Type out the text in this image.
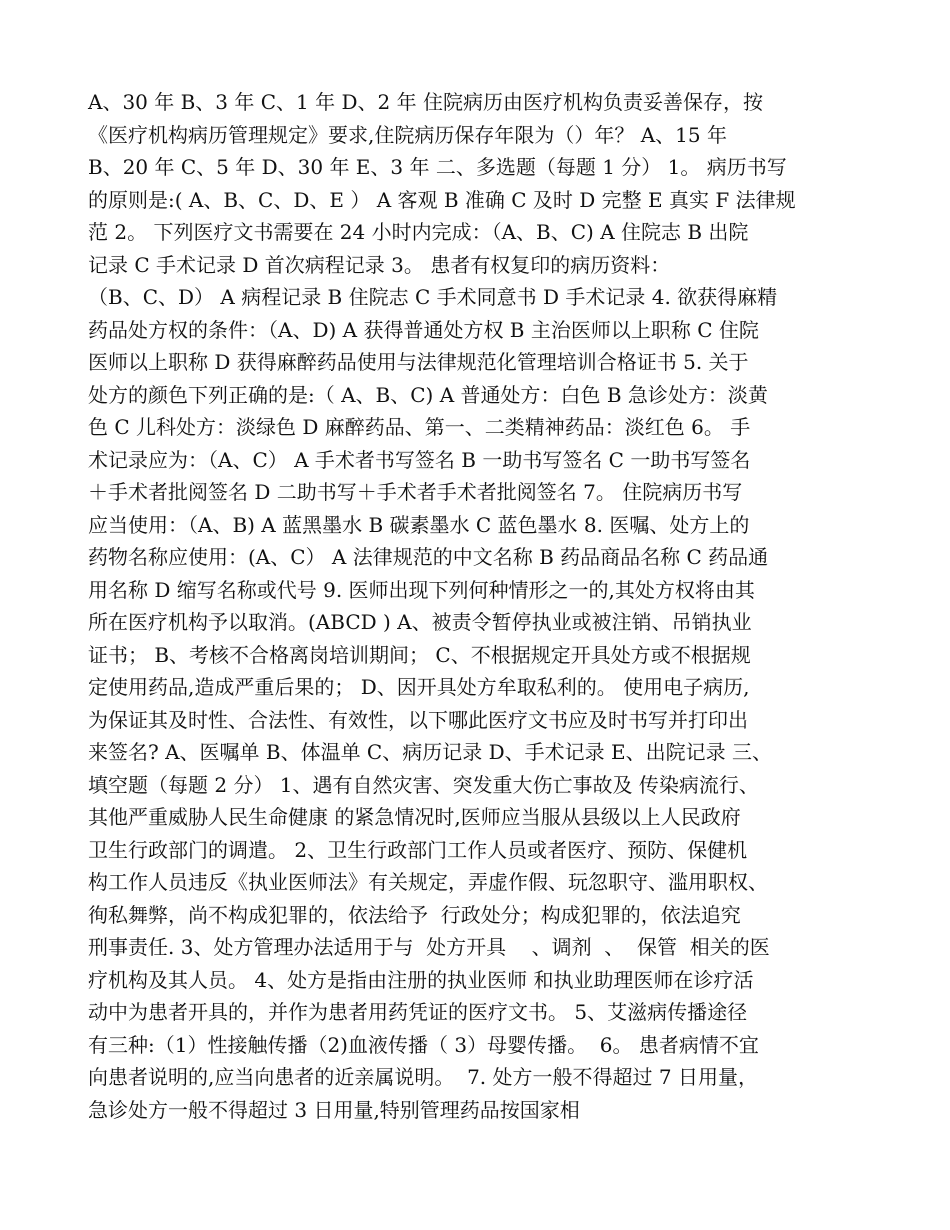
A、30 年 B、3 年 C、1 年 D、2 年 住院病历由医疗机构负责妥善保存，按
《医疗机构病历管理规定》要求,住院病历保存年限为（）年？ A、15 年
B、20 年 C、5 年 D、30 年 E、3 年 二、多选题（每题 1 分） 1。 病历书写
的原则是:( A、B、C、D、E ） A 客观 B 准确 C 及时 D 完整 E 真实 F 法律规
范 2。 下列医疗文书需要在 24 小时内完成：（A、B、C) A 住院志 B 出院
记录 C 手术记录 D 首次病程记录 3。 患者有权复印的病历资料：
（B、C、D） A 病程记录 B 住院志 C 手术同意书 D 手术记录 4. 欲获得麻精
药品处方权的条件：（A、D) A 获得普通处方权 B 主治医师以上职称 C 住院
医师以上职称 D 获得麻醉药品使用与法律规范化管理培训合格证书 5. 关于
处方的颜色下列正确的是:（ A、B、C) A 普通处方：白色 B 急诊处方：淡黄
色 C 儿科处方：淡绿色 D 麻醉药品、第一、二类精神药品：淡红色 6。 手
术记录应为：（A、C） A 手术者书写签名 B 一助书写签名 C 一助书写签名
＋手术者批阅签名 D 二助书写＋手术者手术者批阅签名 7。 住院病历书写
应当使用：（A、B) A 蓝黑墨水 B 碳素墨水 C 蓝色墨水 8. 医嘱、处方上的
药物名称应使用：(A、C） A 法律规范的中文名称 B 药品商品名称 C 药品通
用名称 D 缩写名称或代号 9. 医师出现下列何种情形之一的,其处方权将由其
所在医疗机构予以取消。(ABCD ) A、被责令暂停执业或被注销、吊销执业
证书； B、考核不合格离岗培训期间； C、不根据规定开具处方或不根据规
定使用药品,造成严重后果的； D、因开具处方牟取私利的。 使用电子病历,
为保证其及时性、合法性、有效性，以下哪此医疗文书应及时书写并打印出
来签名? A、医嘱单 B、体温单 C、病历记录 D、手术记录 E、出院记录 三、
填空题（每题 2 分） 1、遇有自然灾害、突发重大伤亡事故及 传染病流行、
其他严重威胁人民生命健康 的紧急情况时,医师应当服从县级以上人民政府
卫生行政部门的调遣。 2、卫生行政部门工作人员或者医疗、预防、保健机
构工作人员违反《执业医师法》有关规定，弄虚作假、玩忽职守、滥用职权、
徇私舞弊，尚不构成犯罪的，依法给予  行政处分；构成犯罪的，依法追究
刑事责任. 3、处方管理办法适用于与  处方开具    、调剂  、  保管  相关的医
疗机构及其人员。 4、处方是指由注册的执业医师 和执业助理医师在诊疗活
动中为患者开具的，并作为患者用药凭证的医疗文书。 5、艾滋病传播途径
有三种:（1）性接触传播（2)血液传播（ 3）母婴传播。  6。 患者病情不宜
向患者说明的,应当向患者的近亲属说明。  7. 处方一般不得超过 7 日用量，
急诊处方一般不得超过 3 日用量,特别管理药品按国家相
